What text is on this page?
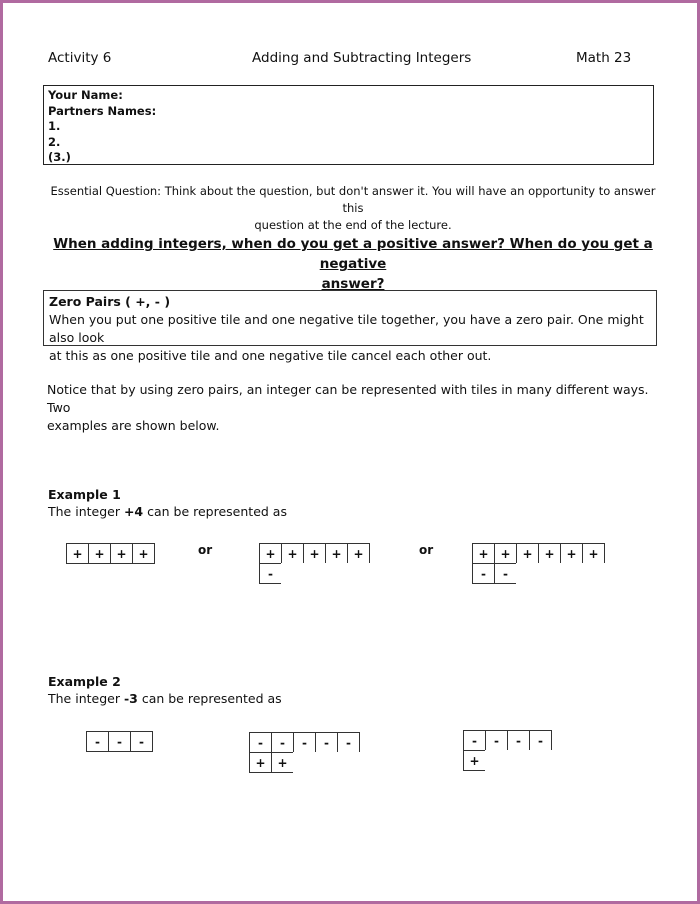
Activity 6	Adding and Subtracting Integers	Math 23
Your Name:
Partners Names:
1.
2.
(3.)
Essential Question: Think about the question, but don't answer it. You will have an opportunity to answer this
question at the end of the lecture.
When adding integers, when do you get a positive answer? When do you get a negative
answer?
Zero Pairs ( +, - )
When you put one positive tile and one negative tile together, you have a zero pair. One might also look
at this as one positive tile and one negative tile cancel each other out.
Notice that by using zero pairs, an integer can be represented with tiles in many different ways. Two
examples are shown below.
Example 1
The integer +4 can be represented as
+ + + +	or	+ + + + +
-
or	+ + + + + +
-	-
Example 2
The integer -3 can be represented as
-	-	-	-	-	-	-	-
+ +
-	-	-	-
+
